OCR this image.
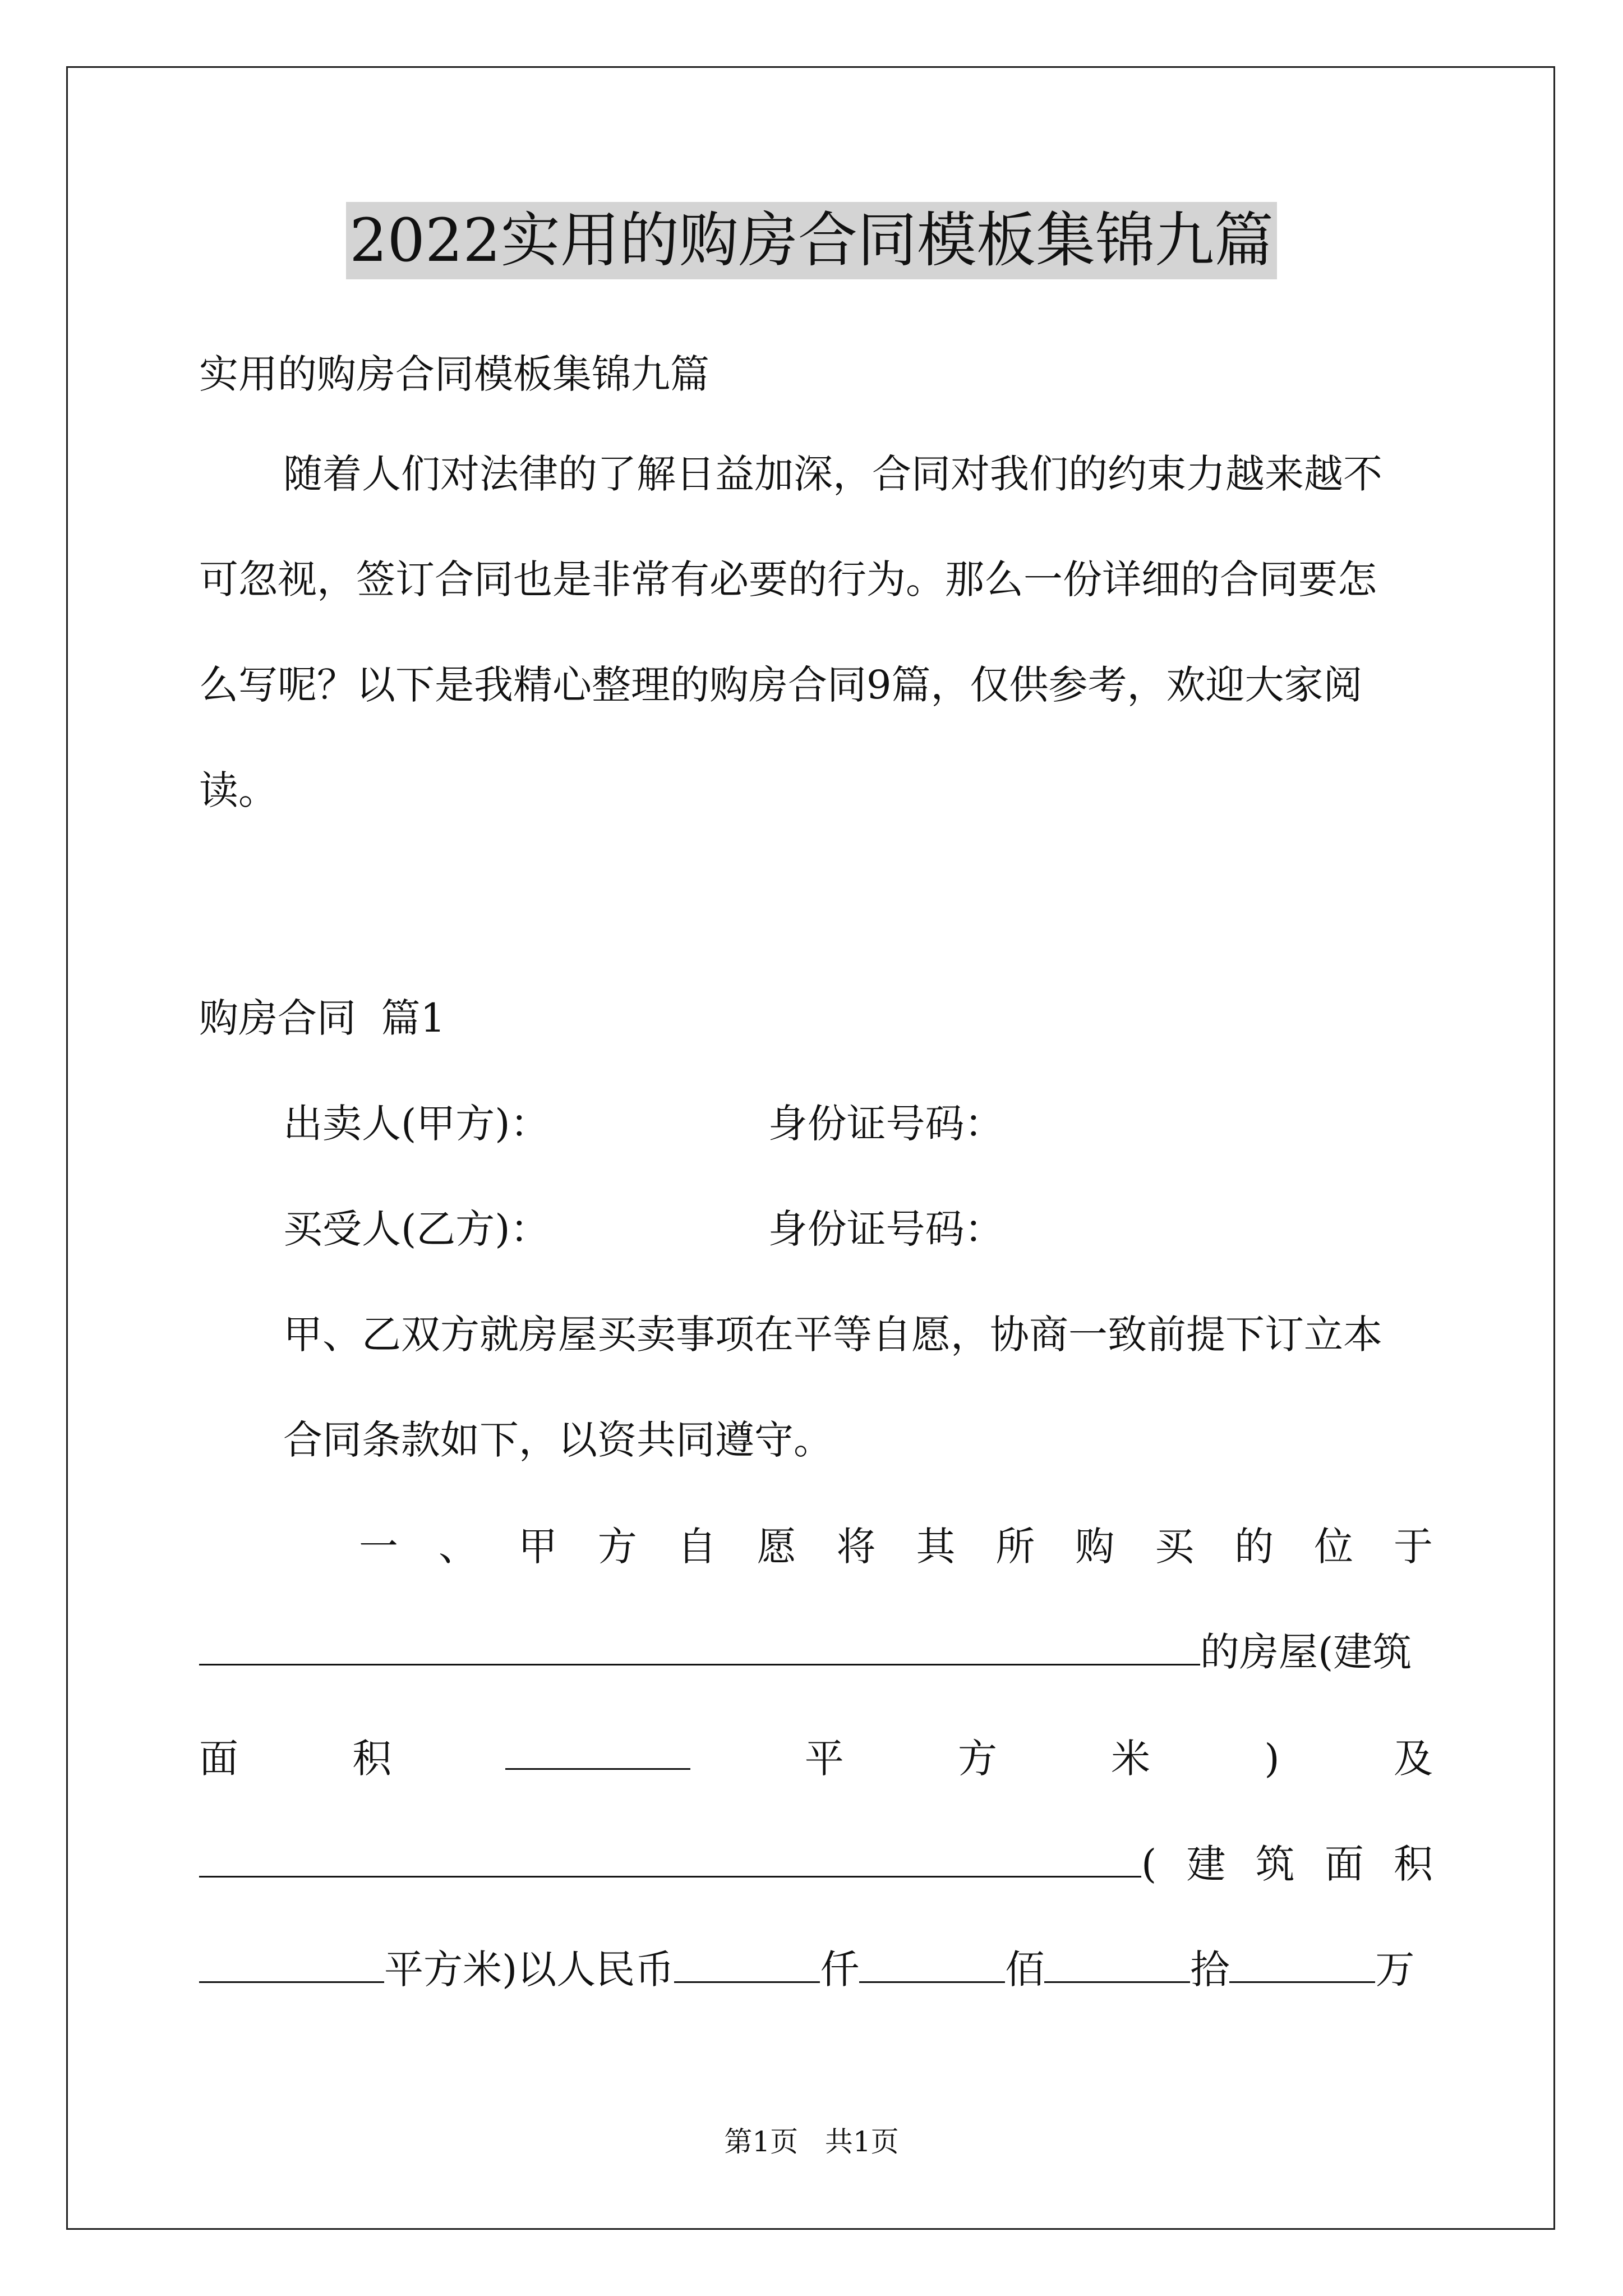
2022实用的购房合同模板集锦九篇
实用的购房合同模板集锦九篇
随着人们对法律的了解日益加深，合同对我们的约束力越来越不
可忽视，签订合同也是非常有必要的行为。那么一份详细的合同要怎
么写呢？以下是我精心整理的购房合同9篇，仅供参考，欢迎大家阅
读。
购房合同  篇1
出卖人(甲方)：	身份证号码：
买受人(乙方)：	身份证号码：
甲、乙双方就房屋买卖事项在平等自愿，协商一致前提下订立本
合同条款如下，以资共同遵守。
一 、 甲 方 自 愿 将 其 所 购 买 的 位 于
的房屋(建筑
面	积	平	方	米	)	及
( 建 筑 面 积
平方米)以人民币	仟	佰	拾	万
第1页   共1页
